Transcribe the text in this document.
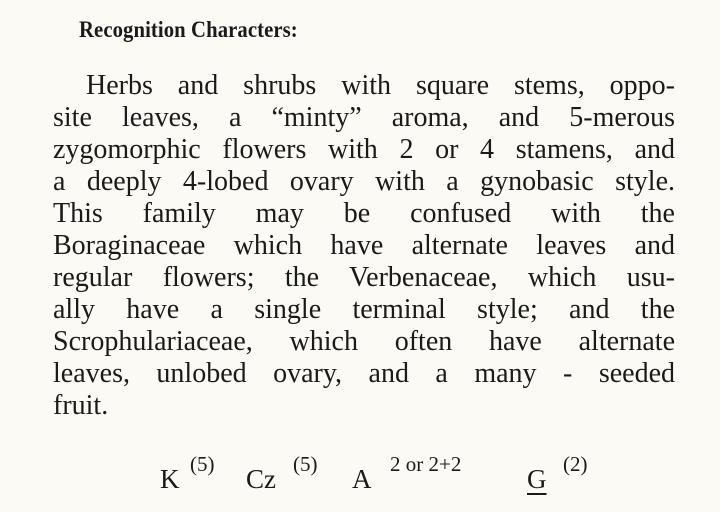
Recognition Characters:
Herbs and shrubs with square stems, oppo-
site leaves, a “minty” aroma, and 5-merous
zygomorphic flowers with 2 or 4 stamens, and
a deeply 4-lobed ovary with a gynobasic style.
This family may be confused with the
Boraginaceae which have alternate leaves and
regular flowers; the Verbenaceae, which usu-
ally have a single terminal style; and the
Scrophulariaceae, which often have alternate
leaves, unlobed ovary, and a many - seeded
fruit.
K (5) Cz (5) A 2 or 2+2 G (2)
